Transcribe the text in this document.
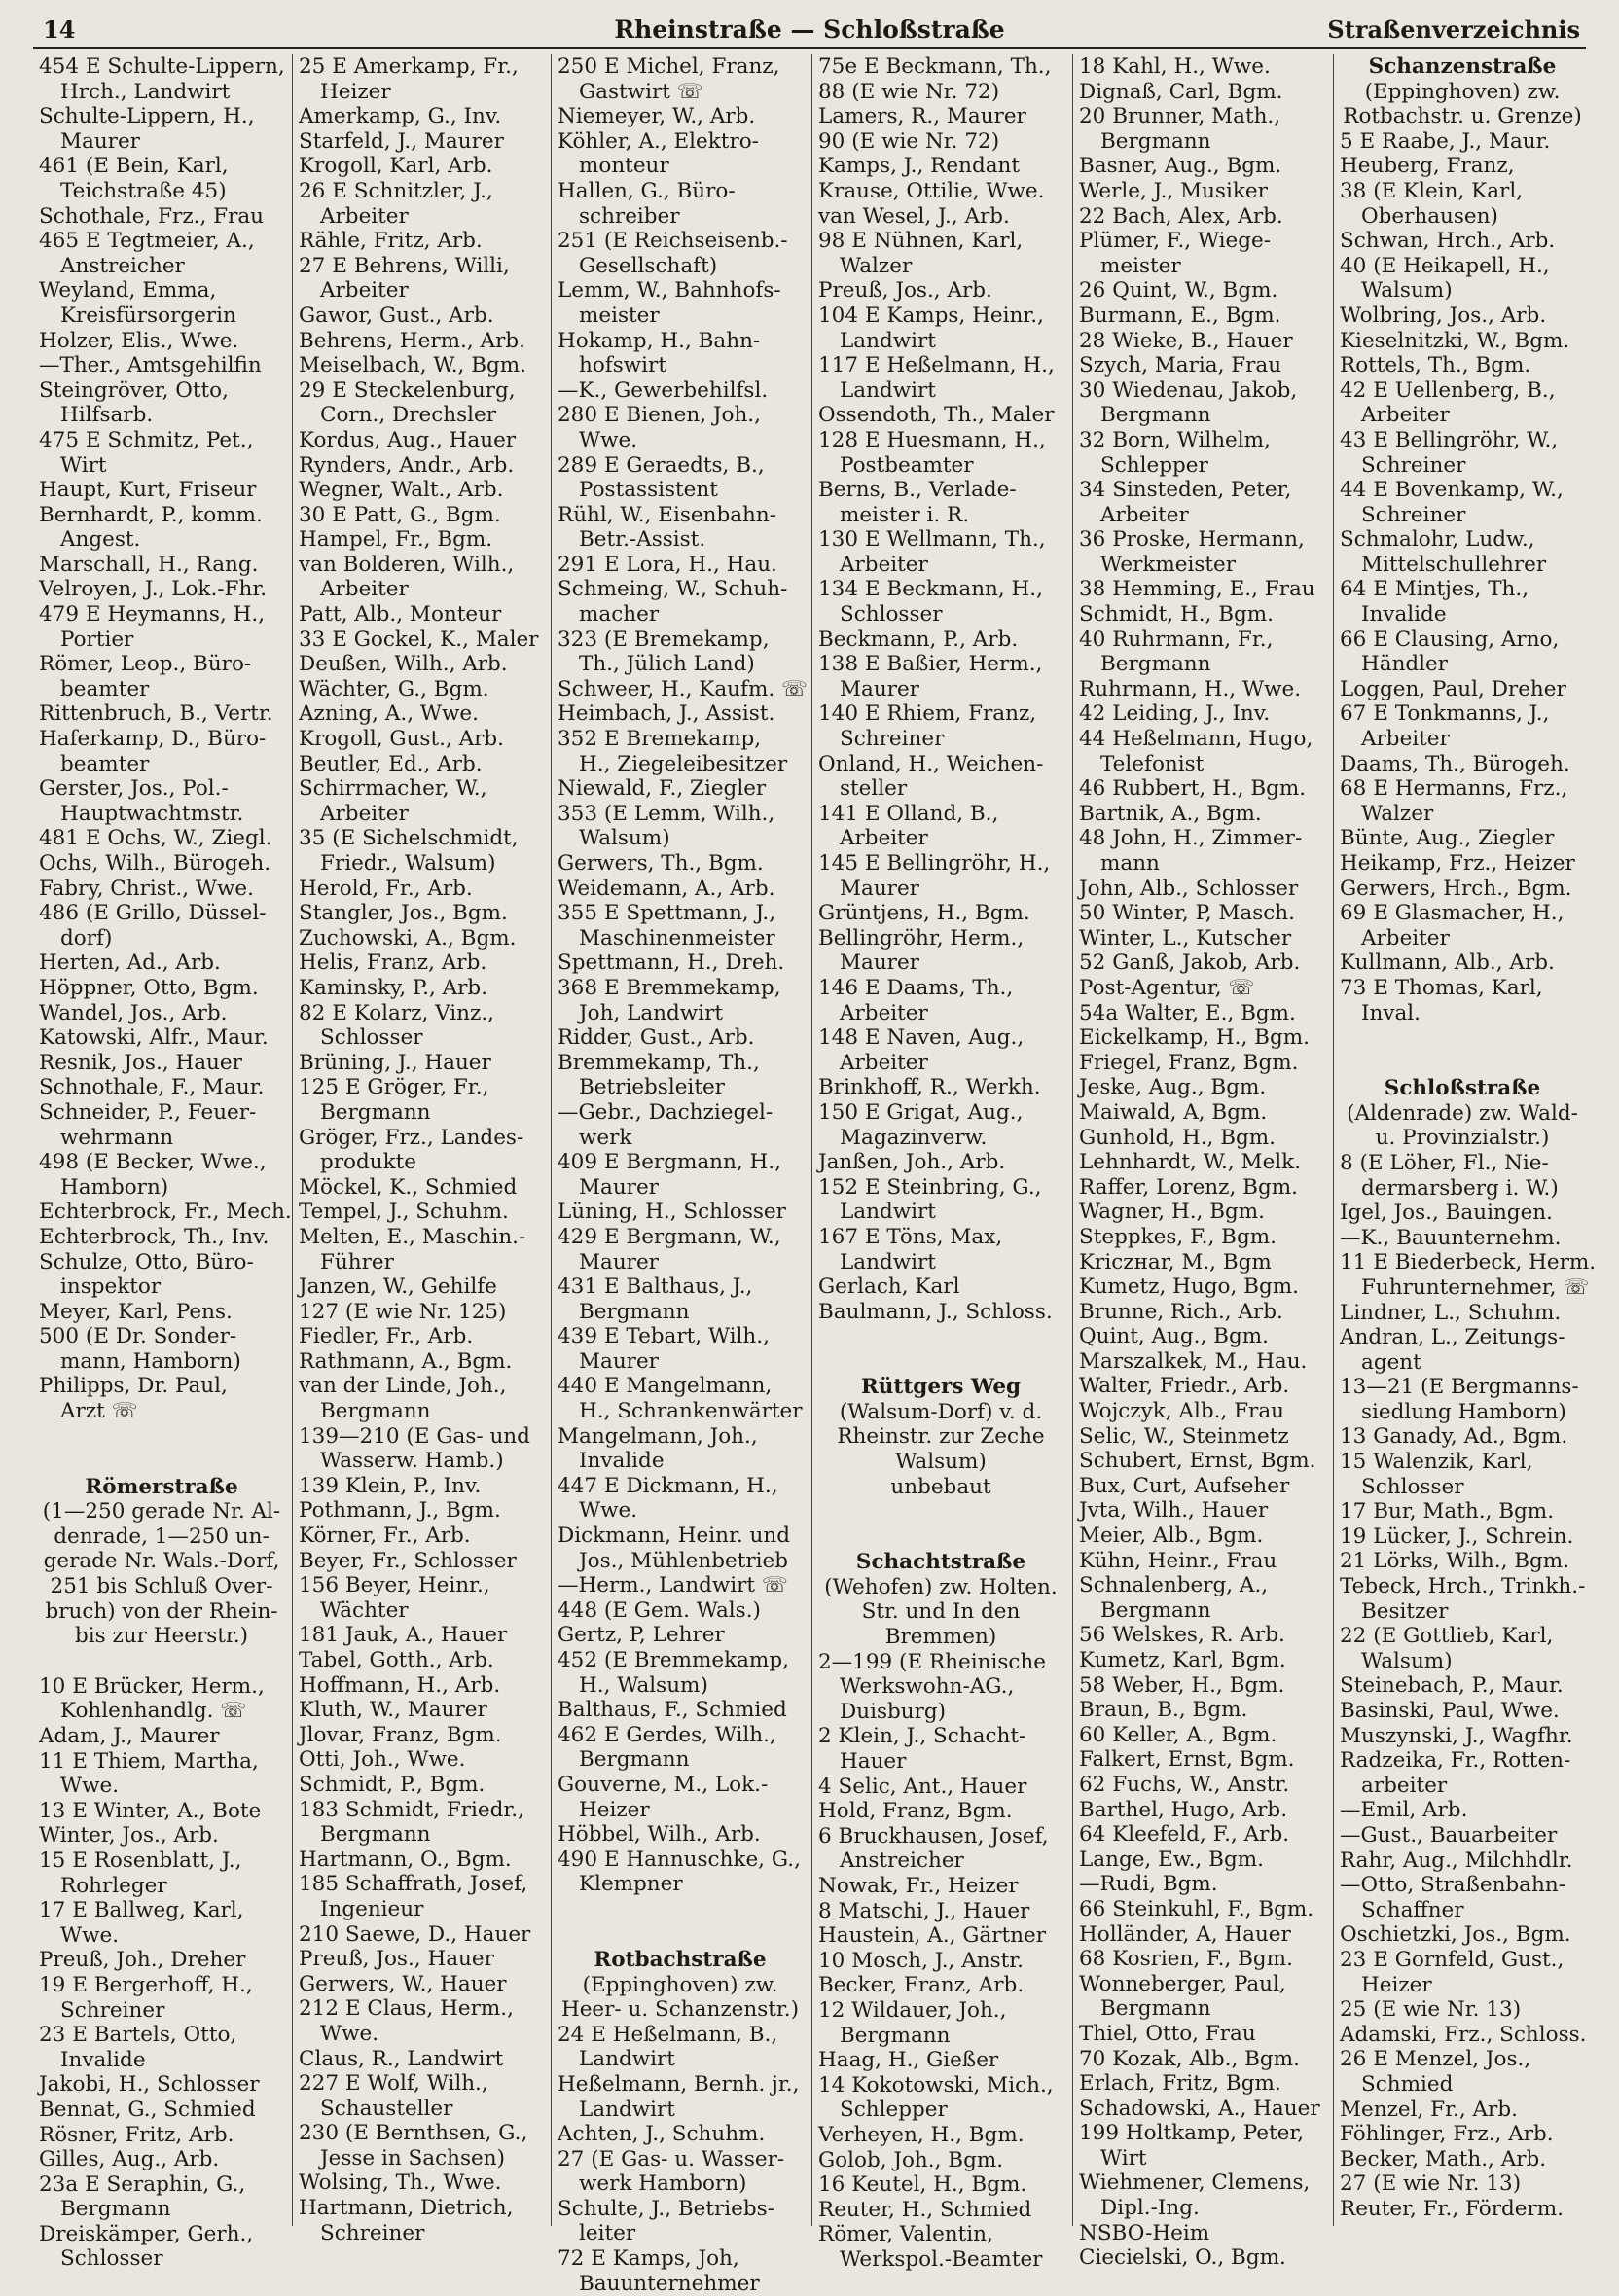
14	Rheinstraße — Schloßstraße	Straßenverzeichnis
454 E Schulte-Lippern,
Hrch., Landwirt
Schulte-Lippern, H.,
Maurer
461 (E Bein, Karl,
Teichstraße 45)
Schothale, Frz., Frau
465 E Tegtmeier, A.,
Anstreicher
Weyland, Emma,
Kreisfürsorgerin
Holzer, Elis., Wwe.
—Ther., Amtsgehilfin
Steingröver, Otto,
Hilfsarb.
475 E Schmitz, Pet.,
Wirt
Haupt, Kurt, Friseur
Bernhardt, P., komm.
Angest.
Marschall, H., Rang.
Velroyen, J., Lok.-Fhr.
479 E Heymanns, H.,
Portier
Römer, Leop., Büro-
beamter
Rittenbruch, B., Vertr.
Haferkamp, D., Büro-
beamter
Gerster, Jos., Pol.-
Hauptwachtmstr.
481 E Ochs, W., Ziegl.
Ochs, Wilh., Bürogeh.
Fabry, Christ., Wwe.
486 (E Grillo, Düssel-
dorf)
Herten, Ad., Arb.
Höppner, Otto, Bgm.
Wandel, Jos., Arb.
Katowski, Alfr., Maur.
Resnik, Jos., Hauer
Schnothale, F., Maur.
Schneider, P., Feuer-
wehrmann
498 (E Becker, Wwe.,
Hamborn)
Echterbrock, Fr., Mech.
Echterbrock, Th., Inv.
Schulze, Otto, Büro-
inspektor
Meyer, Karl, Pens.
500 (E Dr. Sonder-
mann, Hamborn)
Philipps, Dr. Paul,
Arzt ☏
Römerstraße
(1—250 gerade Nr. Al-
denrade, 1—250 un-
gerade Nr. Wals.-Dorf,
251 bis Schluß Over-
bruch) von der Rhein-
bis zur Heerstr.)
10 E Brücker, Herm.,
Kohlenhandlg. ☏
Adam, J., Maurer
11 E Thiem, Martha,
Wwe.
13 E Winter, A., Bote
Winter, Jos., Arb.
15 E Rosenblatt, J.,
Rohrleger
17 E Ballweg, Karl,
Wwe.
Preuß, Joh., Dreher
19 E Bergerhoff, H.,
Schreiner
23 E Bartels, Otto,
Invalide
Jakobi, H., Schlosser
Bennat, G., Schmied
Rösner, Fritz, Arb.
Gilles, Aug., Arb.
23a E Seraphin, G.,
Bergmann
Dreiskämper, Gerh.,
Schlosser
25 E Amerkamp, Fr.,
Heizer
Amerkamp, G., Inv.
Starfeld, J., Maurer
Krogoll, Karl, Arb.
26 E Schnitzler, J.,
Arbeiter
Rähle, Fritz, Arb.
27 E Behrens, Willi,
Arbeiter
Gawor, Gust., Arb.
Behrens, Herm., Arb.
Meiselbach, W., Bgm.
29 E Steckelenburg,
Corn., Drechsler
Kordus, Aug., Hauer
Rynders, Andr., Arb.
Wegner, Walt., Arb.
30 E Patt, G., Bgm.
Hampel, Fr., Bgm.
van Bolderen, Wilh.,
Arbeiter
Patt, Alb., Monteur
33 E Gockel, K., Maler
Deußen, Wilh., Arb.
Wächter, G., Bgm.
Azning, A., Wwe.
Krogoll, Gust., Arb.
Beutler, Ed., Arb.
Schirrmacher, W.,
Arbeiter
35 (E Sichelschmidt,
Friedr., Walsum)
Herold, Fr., Arb.
Stangler, Jos., Bgm.
Zuchowski, A., Bgm.
Helis, Franz, Arb.
Kaminsky, P., Arb.
82 E Kolarz, Vinz.,
Schlosser
Brüning, J., Hauer
125 E Gröger, Fr.,
Bergmann
Gröger, Frz., Landes-
produkte
Möckel, K., Schmied
Tempel, J., Schuhm.
Melten, E., Maschin.-
Führer
Janzen, W., Gehilfe
127 (E wie Nr. 125)
Fiedler, Fr., Arb.
Rathmann, A., Bgm.
van der Linde, Joh.,
Bergmann
139—210 (E Gas- und
Wasserw. Hamb.)
139 Klein, P., Inv.
Pothmann, J., Bgm.
Körner, Fr., Arb.
Beyer, Fr., Schlosser
156 Beyer, Heinr.,
Wächter
181 Jauk, A., Hauer
Tabel, Gotth., Arb.
Hoffmann, H., Arb.
Kluth, W., Maurer
Jlovar, Franz, Bgm.
Otti, Joh., Wwe.
Schmidt, P., Bgm.
183 Schmidt, Friedr.,
Bergmann
Hartmann, O., Bgm.
185 Schaffrath, Josef,
Ingenieur
210 Saewe, D., Hauer
Preuß, Jos., Hauer
Gerwers, W., Hauer
212 E Claus, Herm.,
Wwe.
Claus, R., Landwirt
227 E Wolf, Wilh.,
Schausteller
230 (E Bernthsen, G.,
Jesse in Sachsen)
Wolsing, Th., Wwe.
Hartmann, Dietrich,
Schreiner
250 E Michel, Franz,
Gastwirt ☏
Niemeyer, W., Arb.
Köhler, A., Elektro-
monteur
Hallen, G., Büro-
schreiber
251 (E Reichseisenb.-
Gesellschaft)
Lemm, W., Bahnhofs-
meister
Hokamp, H., Bahn-
hofswirt
—K., Gewerbehilfsl.
280 E Bienen, Joh.,
Wwe.
289 E Geraedts, B.,
Postassistent
Rühl, W., Eisenbahn-
Betr.-Assist.
291 E Lora, H., Hau.
Schmeing, W., Schuh-
macher
323 (E Bremekamp,
Th., Jülich Land)
Schweer, H., Kaufm. ☏
Heimbach, J., Assist.
352 E Bremekamp,
H., Ziegeleibesitzer
Niewald, F., Ziegler
353 (E Lemm, Wilh.,
Walsum)
Gerwers, Th., Bgm.
Weidemann, A., Arb.
355 E Spettmann, J.,
Maschinenmeister
Spettmann, H., Dreh.
368 E Bremmekamp,
Joh, Landwirt
Ridder, Gust., Arb.
Bremmekamp, Th.,
Betriebsleiter
—Gebr., Dachziegel-
werk
409 E Bergmann, H.,
Maurer
Lüning, H., Schlosser
429 E Bergmann, W.,
Maurer
431 E Balthaus, J.,
Bergmann
439 E Tebart, Wilh.,
Maurer
440 E Mangelmann,
H., Schrankenwärter
Mangelmann, Joh.,
Invalide
447 E Dickmann, H.,
Wwe.
Dickmann, Heinr. und
Jos., Mühlenbetrieb
—Herm., Landwirt ☏
448 (E Gem. Wals.)
Gertz, P, Lehrer
452 (E Bremmekamp,
H., Walsum)
Balthaus, F., Schmied
462 E Gerdes, Wilh.,
Bergmann
Gouverne, M., Lok.-
Heizer
Höbbel, Wilh., Arb.
490 E Hannuschke, G.,
Klempner
Rotbachstraße
(Eppinghoven) zw.
Heer- u. Schanzenstr.)
24 E Heßelmann, B.,
Landwirt
Heßelmann, Bernh. jr.,
Landwirt
Achten, J., Schuhm.
27 (E Gas- u. Wasser-
werk Hamborn)
Schulte, J., Betriebs-
leiter
72 E Kamps, Joh,
Bauunternehmer
75e E Beckmann, Th.,
88 (E wie Nr. 72)
Lamers, R., Maurer
90 (E wie Nr. 72)
Kamps, J., Rendant
Krause, Ottilie, Wwe.
van Wesel, J., Arb.
98 E Nühnen, Karl,
Walzer
Preuß, Jos., Arb.
104 E Kamps, Heinr.,
Landwirt
117 E Heßelmann, H.,
Landwirt
Ossendoth, Th., Maler
128 E Huesmann, H.,
Postbeamter
Berns, B., Verlade-
meister i. R.
130 E Wellmann, Th.,
Arbeiter
134 E Beckmann, H.,
Schlosser
Beckmann, P., Arb.
138 E Baßier, Herm.,
Maurer
140 E Rhiem, Franz,
Schreiner
Onland, H., Weichen-
steller
141 E Olland, B.,
Arbeiter
145 E Bellingröhr, H.,
Maurer
Grüntjens, H., Bgm.
Bellingröhr, Herm.,
Maurer
146 E Daams, Th.,
Arbeiter
148 E Naven, Aug.,
Arbeiter
Brinkhoff, R., Werkh.
150 E Grigat, Aug.,
Magazinverw.
Janßen, Joh., Arb.
152 E Steinbring, G.,
Landwirt
167 E Töns, Max,
Landwirt
Gerlach, Karl
Baulmann, J., Schloss.
Rüttgers Weg
(Walsum-Dorf) v. d.
Rheinstr. zur Zeche
Walsum)
unbebaut
Schachtstraße
(Wehofen) zw. Holten.
Str. und In den
Bremmen)
2—199 (E Rheinische
Werkswohn-AG.,
Duisburg)
2 Klein, J., Schacht-
Hauer
4 Selic, Ant., Hauer
Hold, Franz, Bgm.
6 Bruckhausen, Josef,
Anstreicher
Nowak, Fr., Heizer
8 Matschi, J., Hauer
Haustein, A., Gärtner
10 Mosch, J., Anstr.
Becker, Franz, Arb.
12 Wildauer, Joh.,
Bergmann
Haag, H., Gießer
14 Kokotowski, Mich.,
Schlepper
Verheyen, H., Bgm.
Golob, Joh., Bgm.
16 Keutel, H., Bgm.
Reuter, H., Schmied
Römer, Valentin,
Werkspol.-Beamter
18 Kahl, H., Wwe.
Dignaß, Carl, Bgm.
20 Brunner, Math.,
Bergmann
Basner, Aug., Bgm.
Werle, J., Musiker
22 Bach, Alex, Arb.
Plümer, F., Wiege-
meister
26 Quint, W., Bgm.
Burmann, E., Bgm.
28 Wieke, B., Hauer
Szych, Maria, Frau
30 Wiedenau, Jakob,
Bergmann
32 Born, Wilhelm,
Schlepper
34 Sinsteden, Peter,
Arbeiter
36 Proske, Hermann,
Werkmeister
38 Hemming, E., Frau
Schmidt, H., Bgm.
40 Ruhrmann, Fr.,
Bergmann
Ruhrmann, H., Wwe.
42 Leiding, J., Inv.
44 Heßelmann, Hugo,
Telefonist
46 Rubbert, H., Bgm.
Bartnik, A., Bgm.
48 John, H., Zimmer-
mann
John, Alb., Schlosser
50 Winter, P, Masch.
Winter, L., Kutscher
52 Ganß, Jakob, Arb.
Post-Agentur, ☏
54a Walter, E., Bgm.
Eickelkamp, H., Bgm.
Friegel, Franz, Bgm.
Jeske, Aug., Bgm.
Maiwald, A, Bgm.
Gunhold, H., Bgm.
Lehnhardt, W., Melk.
Raffer, Lorenz, Bgm.
Wagner, H., Bgm.
Steppkes, F., Bgm.
Kriczнar, M., Bgm
Kumetz, Hugo, Bgm.
Brunne, Rich., Arb.
Quint, Aug., Bgm.
Marszalkek, M., Hau.
Walter, Friedr., Arb.
Wojczyk, Alb., Frau
Selic, W., Steinmetz
Schubert, Ernst, Bgm.
Bux, Curt, Aufseher
Jvta, Wilh., Hauer
Meier, Alb., Bgm.
Kühn, Heinr., Frau
Schnalenberg, A.,
Bergmann
56 Welskes, R. Arb.
Kumetz, Karl, Bgm.
58 Weber, H., Bgm.
Braun, B., Bgm.
60 Keller, A., Bgm.
Falkert, Ernst, Bgm.
62 Fuchs, W., Anstr.
Barthel, Hugo, Arb.
64 Kleefeld, F., Arb.
Lange, Ew., Bgm.
—Rudi, Bgm.
66 Steinkuhl, F., Bgm.
Holländer, A, Hauer
68 Kosrien, F., Bgm.
Wonneberger, Paul,
Bergmann
Thiel, Otto, Frau
70 Kozak, Alb., Bgm.
Erlach, Fritz, Bgm.
Schadowski, A., Hauer
199 Holtkamp, Peter,
Wirt
Wiehmener, Clemens,
Dipl.-Ing.
NSBO-Heim
Ciecielski, O., Bgm.
Schanzenstraße
(Eppinghoven) zw.
Rotbachstr. u. Grenze)
5 E Raabe, J., Maur.
Heuberg, Franz,
38 (E Klein, Karl,
Oberhausen)
Schwan, Hrch., Arb.
40 (E Heikapell, H.,
Walsum)
Wolbring, Jos., Arb.
Kieselnitzki, W., Bgm.
Rottels, Th., Bgm.
42 E Uellenberg, B.,
Arbeiter
43 E Bellingröhr, W.,
Schreiner
44 E Bovenkamp, W.,
Schreiner
Schmalohr, Ludw.,
Mittelschullehrer
64 E Mintjes, Th.,
Invalide
66 E Clausing, Arno,
Händler
Loggen, Paul, Dreher
67 E Tonkmanns, J.,
Arbeiter
Daams, Th., Bürogeh.
68 E Hermanns, Frz.,
Walzer
Bünte, Aug., Ziegler
Heikamp, Frz., Heizer
Gerwers, Hrch., Bgm.
69 E Glasmacher, H.,
Arbeiter
Kullmann, Alb., Arb.
73 E Thomas, Karl,
Inval.
Schloßstraße
(Aldenrade) zw. Wald-
u. Provinzialstr.)
8 (E Löher, Fl., Nie-
dermarsberg i. W.)
Igel, Jos., Bauingen.
—K., Bauunternehm.
11 E Biederbeck, Herm.
Fuhrunternehmer, ☏
Lindner, L., Schuhm.
Andran, L., Zeitungs-
agent
13—21 (E Bergmanns-
siedlung Hamborn)
13 Ganady, Ad., Bgm.
15 Walenzik, Karl,
Schlosser
17 Bur, Math., Bgm.
19 Lücker, J., Schrein.
21 Lörks, Wilh., Bgm.
Tebeck, Hrch., Trinkh.-
Besitzer
22 (E Gottlieb, Karl,
Walsum)
Steinebach, P., Maur.
Basinski, Paul, Wwe.
Muszynski, J., Wagfhr.
Radzeika, Fr., Rotten-
arbeiter
—Emil, Arb.
—Gust., Bauarbeiter
Rahr, Aug., Milchhdlr.
—Otto, Straßenbahn-
Schaffner
Oschietzki, Jos., Bgm.
23 E Gornfeld, Gust.,
Heizer
25 (E wie Nr. 13)
Adamski, Frz., Schloss.
26 E Menzel, Jos.,
Schmied
Menzel, Fr., Arb.
Föhlinger, Frz., Arb.
Becker, Math., Arb.
27 (E wie Nr. 13)
Reuter, Fr., Förderm.
